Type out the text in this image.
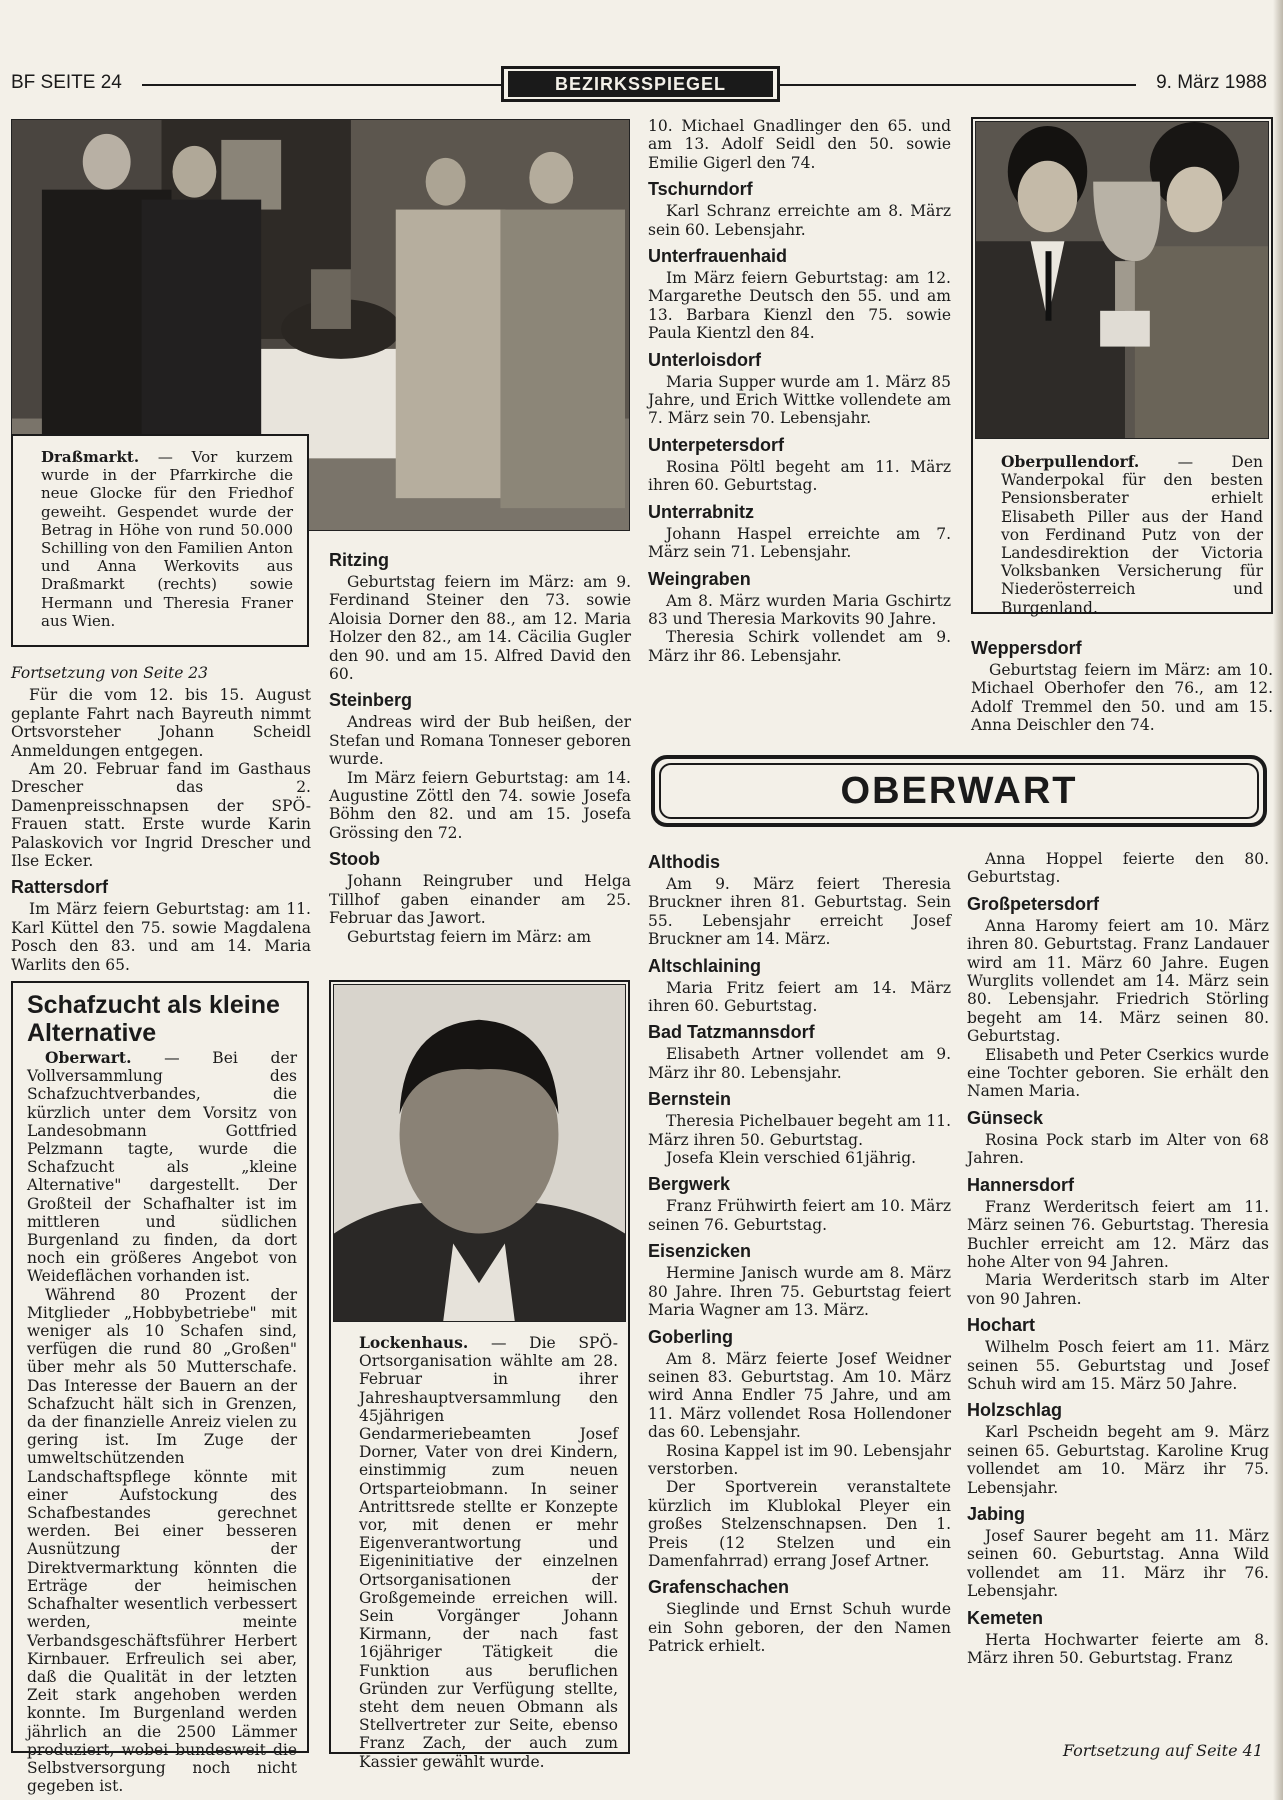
BF SEITE 24	BEZIRKSSPIEGEL	9. März 1988
Draßmarkt. — Vor kurzem wurde in der Pfarrkirche die neue Glocke für den Friedhof geweiht. Gespendet wurde der Betrag in Höhe von rund 50.000 Schilling von den Familien Anton und Anna Werkovits aus Draßmarkt (rechts) sowie Hermann und Theresia Franer aus Wien.

Fortsetzung von Seite 23

Für die vom 12. bis 15. August geplante Fahrt nach Bayreuth nimmt Ortsvorsteher Johann Scheidl Anmeldungen entgegen.

Am 20. Februar fand im Gasthaus Drescher das 2. Damenpreisschnapsen der SPÖ-Frauen statt. Erste wurde Karin Palaskovich vor Ingrid Drescher und Ilse Ecker.

Rattersdorf

Im März feiern Geburtstag: am 11. Karl Küttel den 75. sowie Magdalena Posch den 83. und am 14. Maria Warlits den 65.

Schafzucht als kleine Alternative

Oberwart. — Bei der Vollversammlung des Schafzuchtverbandes, die kürzlich unter dem Vorsitz von Landesobmann Gottfried Pelzmann tagte, wurde die Schafzucht als „kleine Alternative" dargestellt. Der Großteil der Schafhalter ist im mittleren und südlichen Burgenland zu finden, da dort noch ein größeres Angebot von Weideflächen vorhanden ist.

Während 80 Prozent der Mitglieder „Hobbybetriebe" mit weniger als 10 Schafen sind, verfügen die rund 80 „Großen" über mehr als 50 Mutterschafe. Das Interesse der Bauern an der Schafzucht hält sich in Grenzen, da der finanzielle Anreiz vielen zu gering ist. Im Zuge der umweltschützenden Landschaftspflege könnte mit einer Aufstockung des Schafbestandes gerechnet werden. Bei einer besseren Ausnützung der Direktvermarktung könnten die Erträge der heimischen Schafhalter wesentlich verbessert werden, meinte Verbandsgeschäftsführer Herbert Kirnbauer. Erfreulich sei aber, daß die Qualität in der letzten Zeit stark angehoben werden konnte. Im Burgenland werden jährlich an die 2500 Lämmer produziert, wobei bundesweit die Selbstversorgung noch nicht gegeben ist.

Ritzing

Geburtstag feiern im März: am 9. Ferdinand Steiner den 73. sowie Aloisia Dorner den 88., am 12. Maria Holzer den 82., am 14. Cäcilia Gugler den 90. und am 15. Alfred David den 60.

Steinberg

Andreas wird der Bub heißen, der Stefan und Romana Tonneser geboren wurde.

Im März feiern Geburtstag: am 14. Augustine Zöttl den 74. sowie Josefa Böhm den 82. und am 15. Josefa Grössing den 72.

Stoob

Johann Reingruber und Helga Tillhof gaben einander am 25. Februar das Jawort.

Geburtstag feiern im März: am

Lockenhaus. — Die SPÖ-Ortsorganisation wählte am 28. Februar in ihrer Jahreshauptversammlung den 45jährigen Gendarmeriebeamten Josef Dorner, Vater von drei Kindern, einstimmig zum neuen Ortsparteiobmann. In seiner Antrittsrede stellte er Konzepte vor, mit denen er mehr Eigenverantwortung und Eigeninitiative der einzelnen Ortsorganisationen der Großgemeinde erreichen will. Sein Vorgänger Johann Kirmann, der nach fast 16jähriger Tätigkeit die Funktion aus beruflichen Gründen zur Verfügung stellte, steht dem neuen Obmann als Stellvertreter zur Seite, ebenso Franz Zach, der auch zum Kassier gewählt wurde.

10. Michael Gnadlinger den 65. und am 13. Adolf Seidl den 50. sowie Emilie Gigerl den 74.

Tschurndorf

Karl Schranz erreichte am 8. März sein 60. Lebensjahr.

Unterfrauenhaid

Im März feiern Geburtstag: am 12. Margarethe Deutsch den 55. und am 13. Barbara Kienzl den 75. sowie Paula Kientzl den 84.

Unterloisdorf

Maria Supper wurde am 1. März 85 Jahre, und Erich Wittke vollendete am 7. März sein 70. Lebensjahr.

Unterpetersdorf

Rosina Pöltl begeht am 11. März ihren 60. Geburtstag.

Unterrabnitz

Johann Haspel erreichte am 7. März sein 71. Lebensjahr.

Weingraben

Am 8. März wurden Maria Gschirtz 83 und Theresia Markovits 90 Jahre.

Theresia Schirk vollendet am 9. März ihr 86. Lebensjahr.

Oberpullendorf. — Den Wanderpokal für den besten Pensionsberater erhielt Elisabeth Piller aus der Hand von Ferdinand Putz von der Landesdirektion der Victoria Volksbanken Versicherung für Niederösterreich und Burgenland.
Weppersdorf

Geburtstag feiern im März: am 10. Michael Oberhofer den 76., am 12. Adolf Tremmel den 50. und am 15. Anna Deischler den 74.

OBERWART
Althodis

Am 9. März feiert Theresia Bruckner ihren 81. Geburtstag. Sein 55. Lebensjahr erreicht Josef Bruckner am 14. März.

Altschlaining

Maria Fritz feiert am 14. März ihren 60. Geburtstag.

Bad Tatzmannsdorf

Elisabeth Artner vollendet am 9. März ihr 80. Lebensjahr.

Bernstein

Theresia Pichelbauer begeht am 11. März ihren 50. Geburtstag.

Josefa Klein verschied 61jährig.

Bergwerk

Franz Frühwirth feiert am 10. März seinen 76. Geburtstag.

Eisenzicken

Hermine Janisch wurde am 8. März 80 Jahre. Ihren 75. Geburtstag feiert Maria Wagner am 13. März.

Goberling

Am 8. März feierte Josef Weidner seinen 83. Geburtstag. Am 10. März wird Anna Endler 75 Jahre, und am 11. März vollendet Rosa Hollendoner das 60. Lebensjahr.

Rosina Kappel ist im 90. Lebensjahr verstorben.

Der Sportverein veranstaltete kürzlich im Klublokal Pleyer ein großes Stelzenschnapsen. Den 1. Preis (12 Stelzen und ein Damenfahrrad) errang Josef Artner.

Grafenschachen

Sieglinde und Ernst Schuh wurde ein Sohn geboren, der den Namen Patrick erhielt.

Anna Hoppel feierte den 80. Geburtstag.

Großpetersdorf

Anna Haromy feiert am 10. März ihren 80. Geburtstag. Franz Landauer wird am 11. März 60 Jahre. Eugen Wurglits vollendet am 14. März sein 80. Lebensjahr. Friedrich Störling begeht am 14. März seinen 80. Geburtstag.

Elisabeth und Peter Cserkics wurde eine Tochter geboren. Sie erhält den Namen Maria.

Günseck

Rosina Pock starb im Alter von 68 Jahren.

Hannersdorf

Franz Werderitsch feiert am 11. März seinen 76. Geburtstag. Theresia Buchler erreicht am 12. März das hohe Alter von 94 Jahren.

Maria Werderitsch starb im Alter von 90 Jahren.

Hochart

Wilhelm Posch feiert am 11. März seinen 55. Geburtstag und Josef Schuh wird am 15. März 50 Jahre.

Holzschlag

Karl Pscheidn begeht am 9. März seinen 65. Geburtstag. Karoline Krug vollendet am 10. März ihr 75. Lebensjahr.

Jabing

Josef Saurer begeht am 11. März seinen 60. Geburtstag. Anna Wild vollendet am 11. März ihr 76. Lebensjahr.

Kemeten

Herta Hochwarter feierte am 8. März ihren 50. Geburtstag. Franz

Fortsetzung auf Seite 41
